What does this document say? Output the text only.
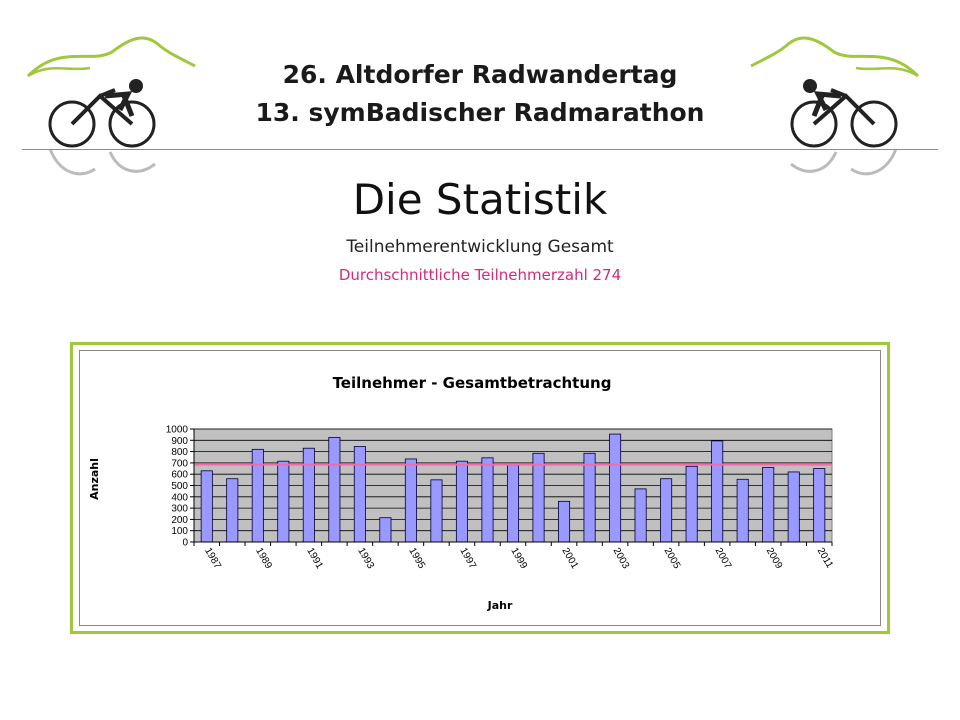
26. Altdorfer Radwandertag
13. symBadischer Radmarathon
Die Statistik
Teilnehmerentwicklung Gesamt
Durchschnittliche Teilnehmerzahl 274
Teilnehmer - Gesamtbetrachtung
Anzahl
Jahr
0
100
200
300
400
500
600
700
800
900
1000
1987	1989	1991	1993	1995	1997	1999	2001	2003	2005	2007	2009	2011
